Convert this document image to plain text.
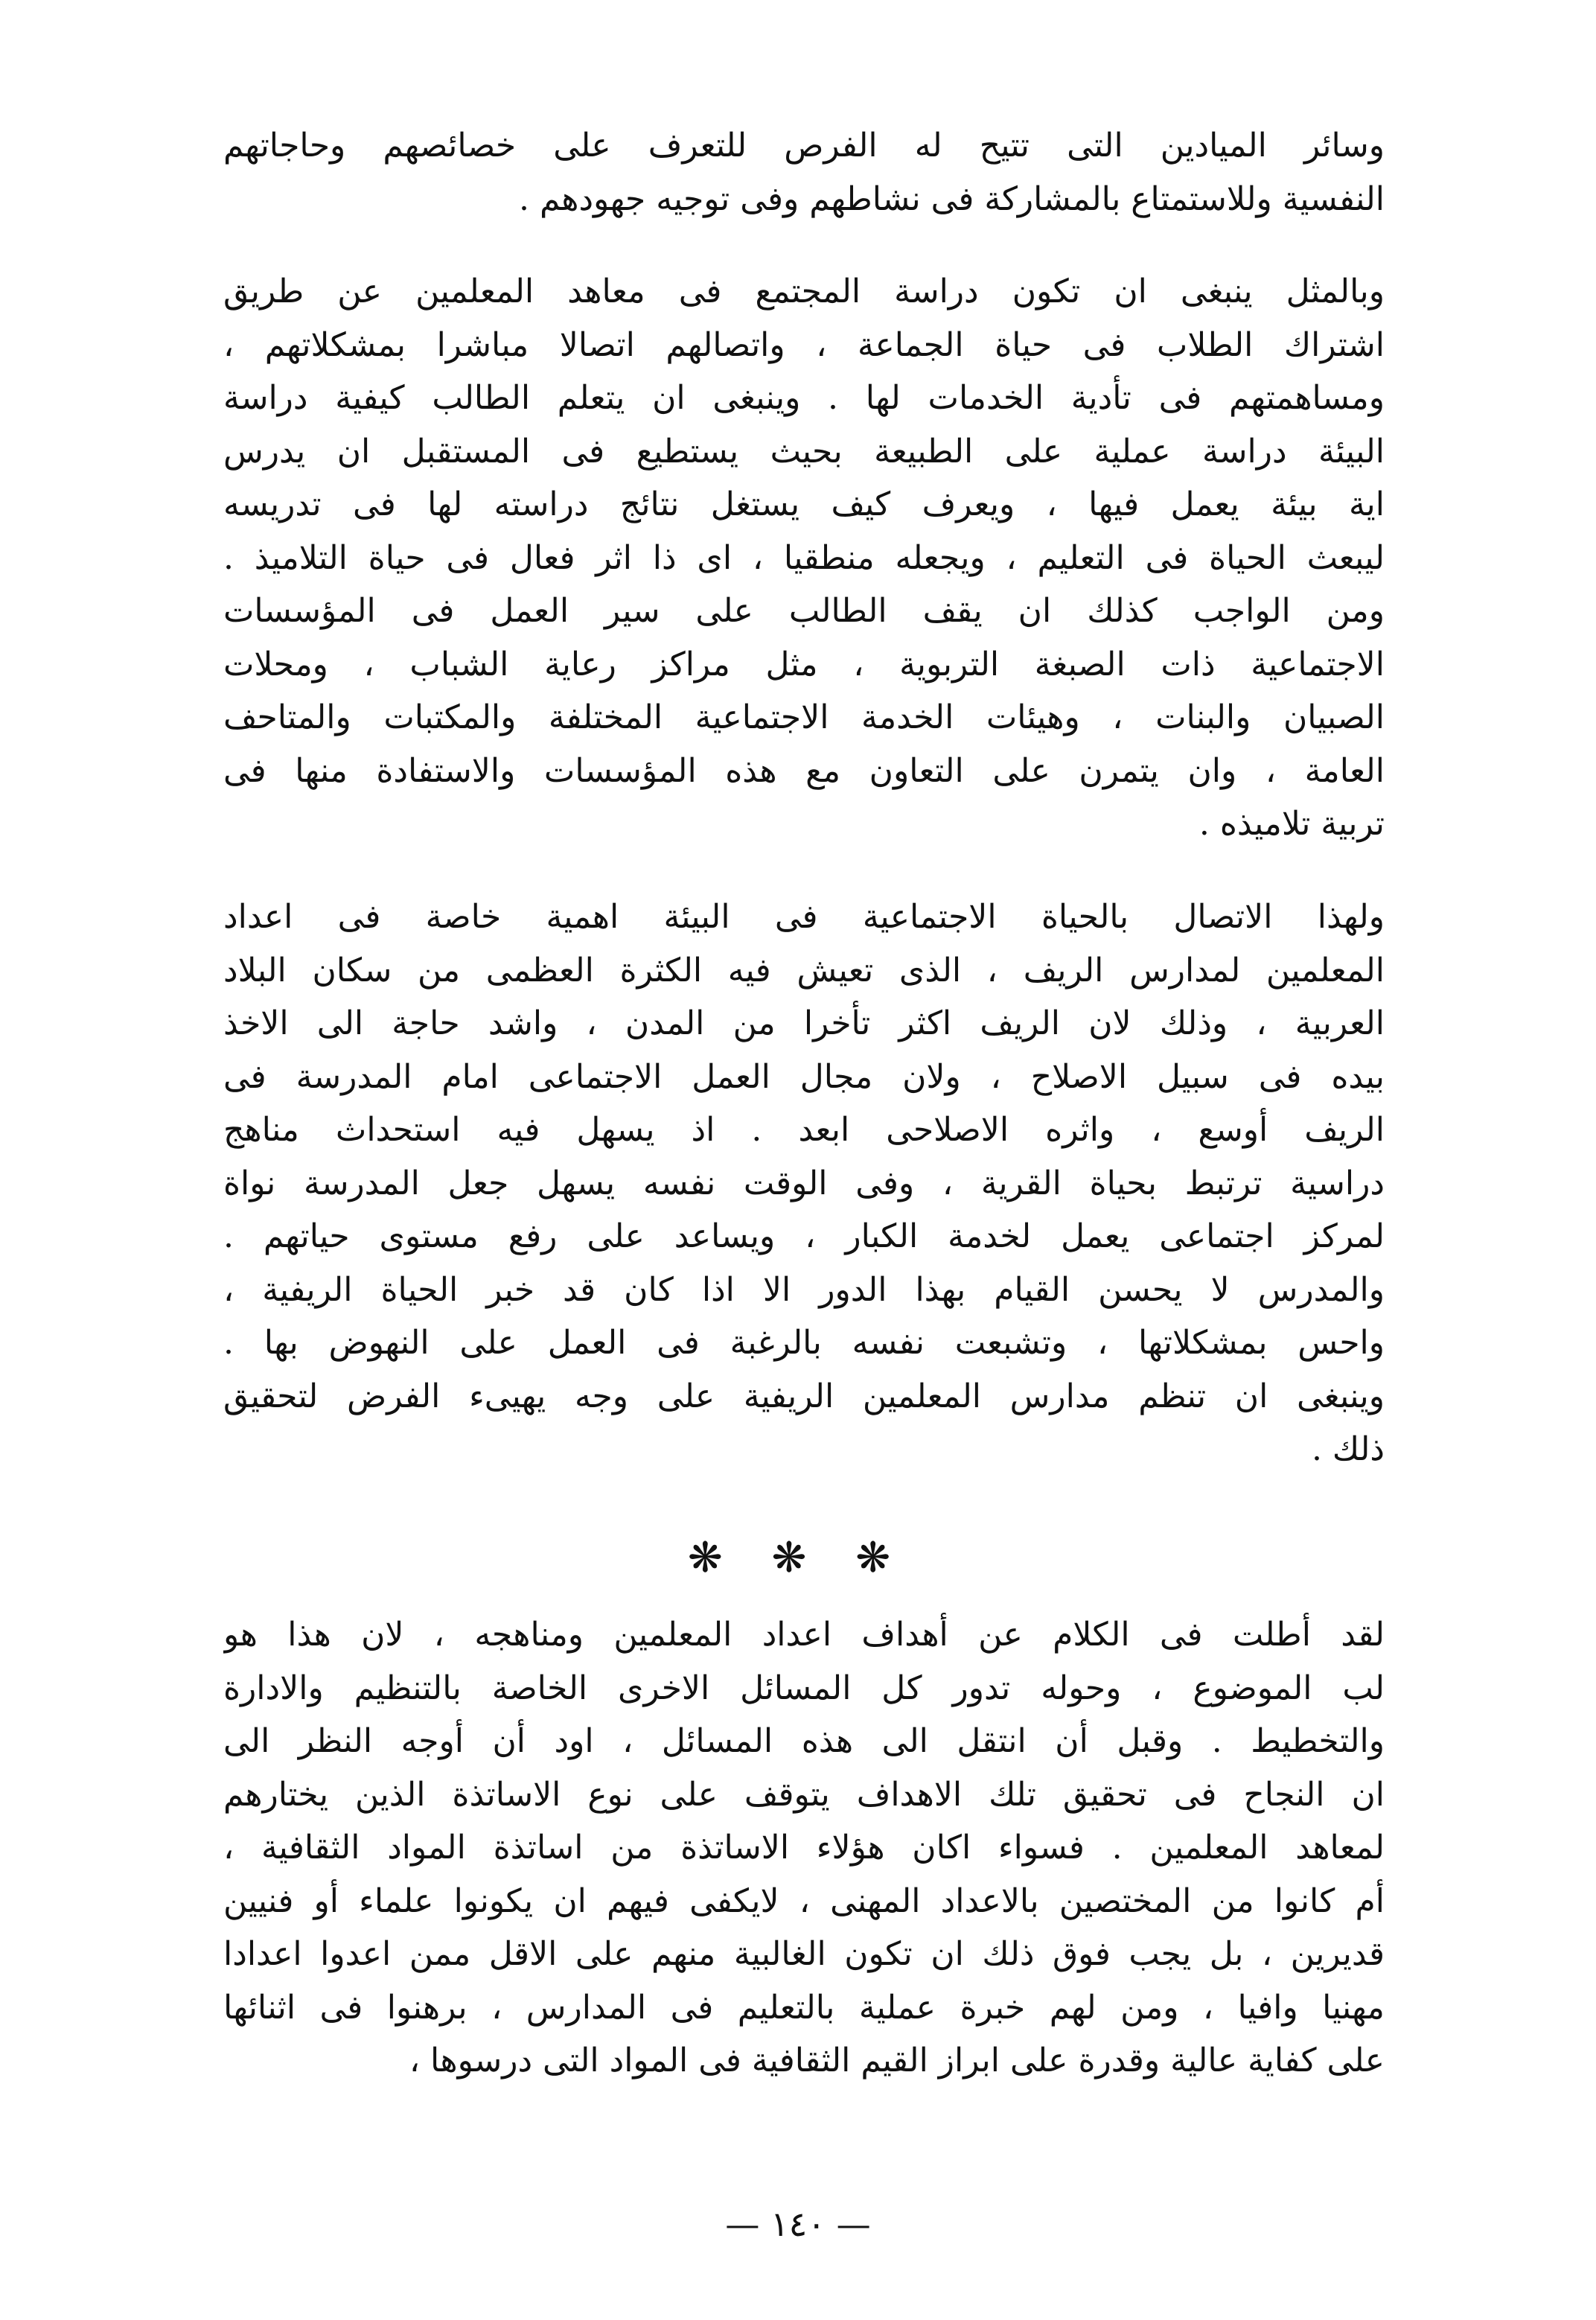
وسائر الميادين التى تتيح له الفرص للتعرف على خصائصهم وحاجاتهم
النفسية وللاستمتاع بالمشاركة فى نشاطهم وفى توجيه جهودهم .
وبالمثل ينبغى ان تكون دراسة المجتمع فى معاهد المعلمين عن طريق
اشتراك الطلاب فى حياة الجماعة ، واتصالهم اتصالا مباشرا بمشكلاتهم ،
ومساهمتهم فى تأدية الخدمات لها . وينبغى ان يتعلم الطالب كيفية دراسة
البيئة دراسة عملية على الطبيعة بحيث يستطيع فى المستقبل ان يدرس
اية بيئة يعمل فيها ، ويعرف كيف يستغل نتائج دراسته لها فى تدريسه
ليبعث الحياة فى التعليم ، ويجعله منطقيا ، اى ذا اثر فعال فى حياة التلاميذ .
ومن الواجب كذلك ان يقف الطالب على سير العمل فى المؤسسات
الاجتماعية ذات الصبغة التربوية ، مثل مراكز رعاية الشباب ، ومحلات
الصبيان والبنات ، وهيئات الخدمة الاجتماعية المختلفة والمكتبات والمتاحف
العامة ، وان يتمرن على التعاون مع هذه المؤسسات والاستفادة منها فى
تربية تلاميذه .
ولهذا الاتصال بالحياة الاجتماعية فى البيئة اهمية خاصة فى اعداد
المعلمين لمدارس الريف ، الذى تعيش فيه الكثرة العظمى من سكان البلاد
العربية ، وذلك لان الريف اكثر تأخرا من المدن ، واشد حاجة الى الاخذ
بيده فى سبيل الاصلاح ، ولان مجال العمل الاجتماعى امام المدرسة فى
الريف أوسع ، واثره الاصلاحى ابعد . اذ يسهل فيه استحداث مناهج
دراسية ترتبط بحياة القرية ، وفى الوقت نفسه يسهل جعل المدرسة نواة
لمركز اجتماعى يعمل لخدمة الكبار ، ويساعد على رفع مستوى حياتهم .
والمدرس لا يحسن القيام بهذا الدور الا اذا كان قد خبر الحياة الريفية ،
واحس بمشكلاتها ، وتشبعت نفسه بالرغبة فى العمل على النهوض بها .
وينبغى ان تنظم مدارس المعلمين الريفية على وجه يهيىء الفرض لتحقيق
ذلك .
❋ ❋ ❋
لقد أطلت فى الكلام عن أهداف اعداد المعلمين ومناهجه ، لان هذا هو
لب الموضوع ، وحوله تدور كل المسائل الاخرى الخاصة بالتنظيم والادارة
والتخطيط . وقبل أن انتقل الى هذه المسائل ، اود أن أوجه النظر الى
ان النجاح فى تحقيق تلك الاهداف يتوقف على نوع الاساتذة الذين يختارهم
لمعاهد المعلمين . فسواء اكان هؤلاء الاساتذة من اساتذة المواد الثقافية ،
أم كانوا من المختصين بالاعداد المهنى ، لايكفى فيهم ان يكونوا علماء أو فنيين
قديرين ، بل يجب فوق ذلك ان تكون الغالبية منهم على الاقل ممن اعدوا اعدادا
مهنيا وافيا ، ومن لهم خبرة عملية بالتعليم فى المدارس ، برهنوا فى اثنائها
على كفاية عالية وقدرة على ابراز القيم الثقافية فى المواد التى درسوها ،
— ١٤٠ —
